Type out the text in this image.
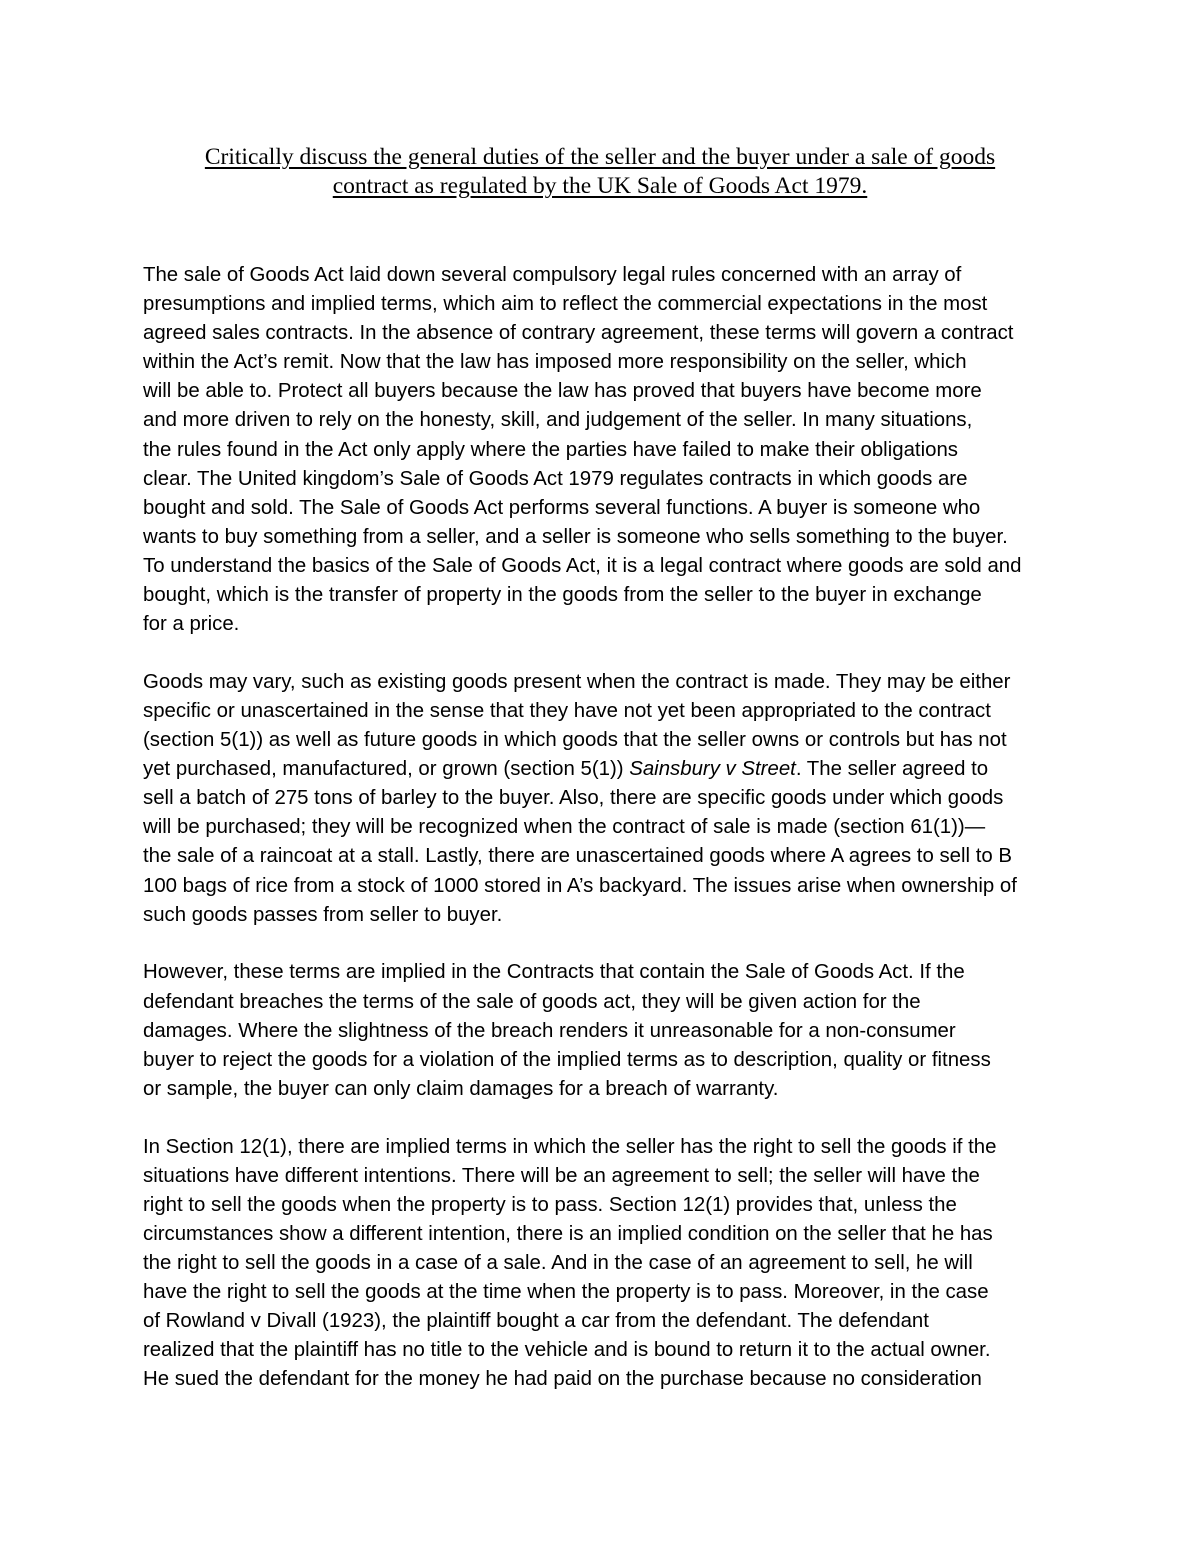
Critically discuss the general duties of the seller and the buyer under a sale of goods
contract as regulated by the UK Sale of Goods Act 1979.

The sale of Goods Act laid down several compulsory legal rules concerned with an array of
presumptions and implied terms, which aim to reflect the commercial expectations in the most
agreed sales contracts. In the absence of contrary agreement, these terms will govern a contract
within the Act’s remit. Now that the law has imposed more responsibility on the seller, which
will be able to. Protect all buyers because the law has proved that buyers have become more
and more driven to rely on the honesty, skill, and judgement of the seller. In many situations,
the rules found in the Act only apply where the parties have failed to make their obligations
clear. The United kingdom’s Sale of Goods Act 1979 regulates contracts in which goods are
bought and sold. The Sale of Goods Act performs several functions. A buyer is someone who
wants to buy something from a seller, and a seller is someone who sells something to the buyer.
To understand the basics of the Sale of Goods Act, it is a legal contract where goods are sold and
bought, which is the transfer of property in the goods from the seller to the buyer in exchange
for a price.

Goods may vary, such as existing goods present when the contract is made. They may be either
specific or unascertained in the sense that they have not yet been appropriated to the contract
(section 5(1)) as well as future goods in which goods that the seller owns or controls but has not
yet purchased, manufactured, or grown (section 5(1)) Sainsbury v Street. The seller agreed to
sell a batch of 275 tons of barley to the buyer. Also, there are specific goods under which goods
will be purchased; they will be recognized when the contract of sale is made (section 61(1))—
the sale of a raincoat at a stall. Lastly, there are unascertained goods where A agrees to sell to B
100 bags of rice from a stock of 1000 stored in A’s backyard. The issues arise when ownership of
such goods passes from seller to buyer.

However, these terms are implied in the Contracts that contain the Sale of Goods Act. If the
defendant breaches the terms of the sale of goods act, they will be given action for the
damages. Where the slightness of the breach renders it unreasonable for a non-consumer
buyer to reject the goods for a violation of the implied terms as to description, quality or fitness
or sample, the buyer can only claim damages for a breach of warranty.

In Section 12(1), there are implied terms in which the seller has the right to sell the goods if the
situations have different intentions. There will be an agreement to sell; the seller will have the
right to sell the goods when the property is to pass. Section 12(1) provides that, unless the
circumstances show a different intention, there is an implied condition on the seller that he has
the right to sell the goods in a case of a sale. And in the case of an agreement to sell, he will
have the right to sell the goods at the time when the property is to pass. Moreover, in the case
of Rowland v Divall (1923), the plaintiff bought a car from the defendant. The defendant
realized that the plaintiff has no title to the vehicle and is bound to return it to the actual owner.
He sued the defendant for the money he had paid on the purchase because no consideration
